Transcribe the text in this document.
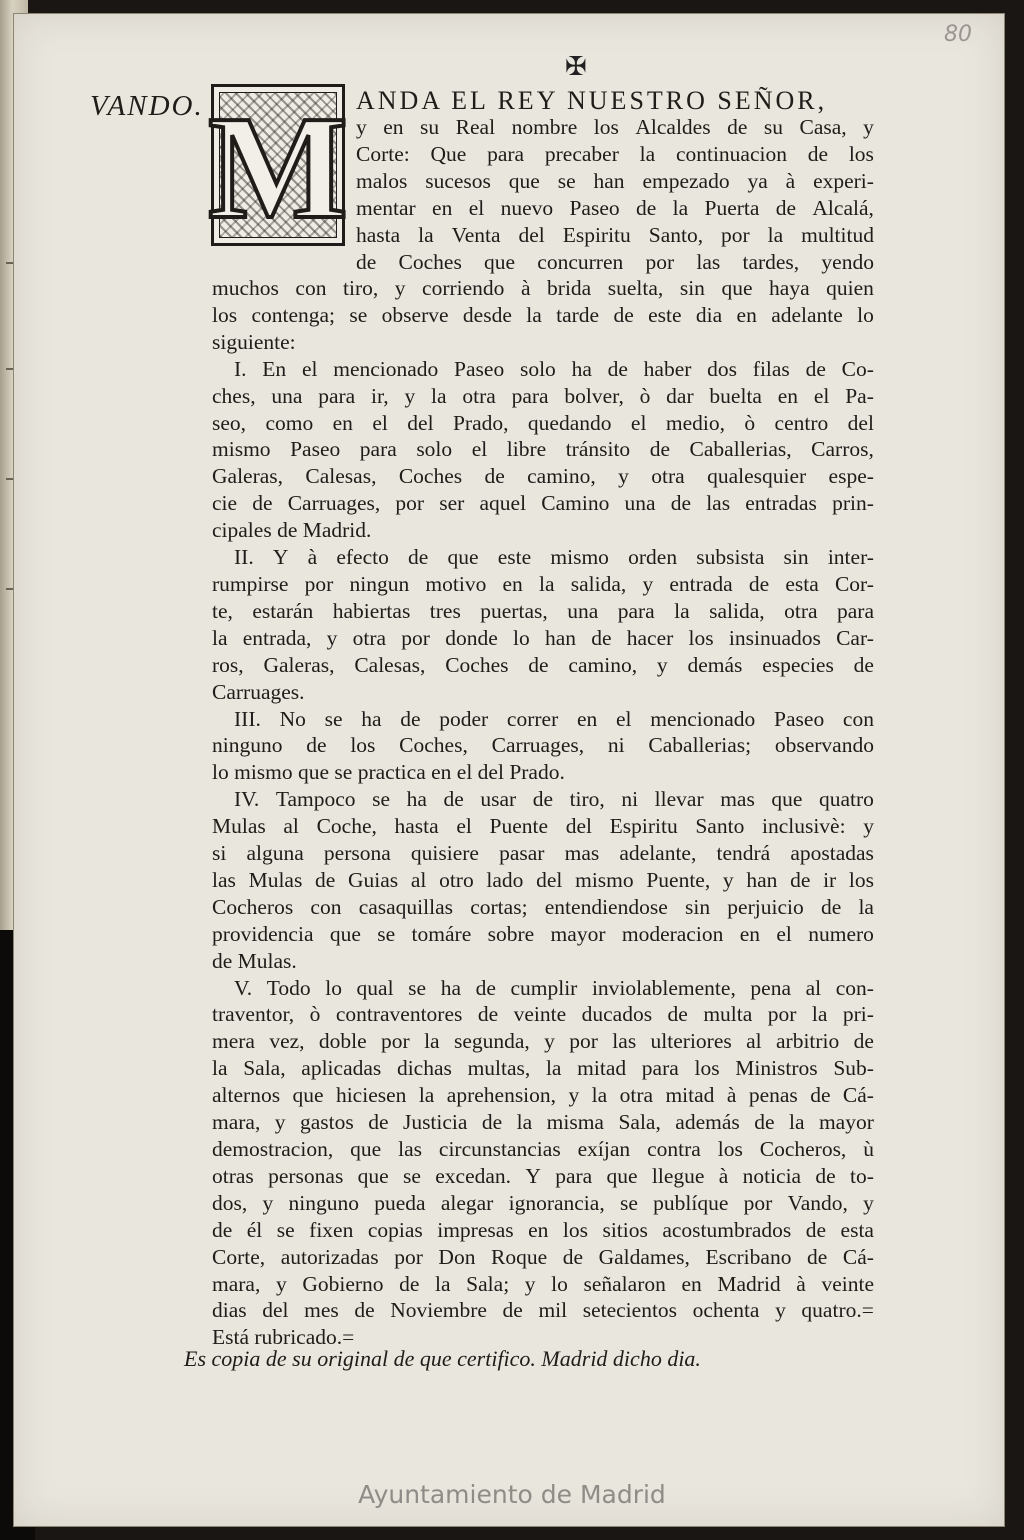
80
✠
VANDO. M ANDA EL REY NUESTRO SEÑOR,
y en su Real nombre los Alcaldes de su Casa, y
Corte: Que para precaber la continuacion de los
malos sucesos que se han empezado ya à experi-
mentar en el nuevo Paseo de la Puerta de Alcalá,
hasta la Venta del Espiritu Santo, por la multitud
de Coches que concurren por las tardes, yendo
muchos con tiro, y corriendo à brida suelta, sin que haya quien
los contenga; se observe desde la tarde de este dia en adelante lo
siguiente:
I. En el mencionado Paseo solo ha de haber dos filas de Co-
ches, una para ir, y la otra para bolver, ò dar buelta en el Pa-
seo, como en el del Prado, quedando el medio, ò centro del
mismo Paseo para solo el libre tránsito de Caballerias, Carros,
Galeras, Calesas, Coches de camino, y otra qualesquier espe-
cie de Carruages, por ser aquel Camino una de las entradas prin-
cipales de Madrid.
II. Y à efecto de que este mismo orden subsista sin inter-
rumpirse por ningun motivo en la salida, y entrada de esta Cor-
te, estarán habiertas tres puertas, una para la salida, otra para
la entrada, y otra por donde lo han de hacer los insinuados Car-
ros, Galeras, Calesas, Coches de camino, y demás especies de
Carruages.
III. No se ha de poder correr en el mencionado Paseo con
ninguno de los Coches, Carruages, ni Caballerias; observando
lo mismo que se practica en el del Prado.
IV. Tampoco se ha de usar de tiro, ni llevar mas que quatro
Mulas al Coche, hasta el Puente del Espiritu Santo inclusivè: y
si alguna persona quisiere pasar mas adelante, tendrá apostadas
las Mulas de Guias al otro lado del mismo Puente, y han de ir los
Cocheros con casaquillas cortas; entendiendose sin perjuicio de la
providencia que se tomáre sobre mayor moderacion en el numero
de Mulas.
V. Todo lo qual se ha de cumplir inviolablemente, pena al con-
traventor, ò contraventores de veinte ducados de multa por la pri-
mera vez, doble por la segunda, y por las ulteriores al arbitrio de
la Sala, aplicadas dichas multas, la mitad para los Ministros Sub-
alternos que hiciesen la aprehension, y la otra mitad à penas de Cá-
mara, y gastos de Justicia de la misma Sala, además de la mayor
demostracion, que las circunstancias exíjan contra los Cocheros, ù
otras personas que se excedan. Y para que llegue à noticia de to-
dos, y ninguno pueda alegar ignorancia, se publíque por Vando, y
de él se fixen copias impresas en los sitios acostumbrados de esta
Corte, autorizadas por Don Roque de Galdames, Escribano de Cá-
mara, y Gobierno de la Sala; y lo señalaron en Madrid à veinte
dias del mes de Noviembre de mil setecientos ochenta y quatro.=
Está rubricado.=
Es copia de su original de que certifico. Madrid dicho dia.
Ayuntamiento de Madrid
